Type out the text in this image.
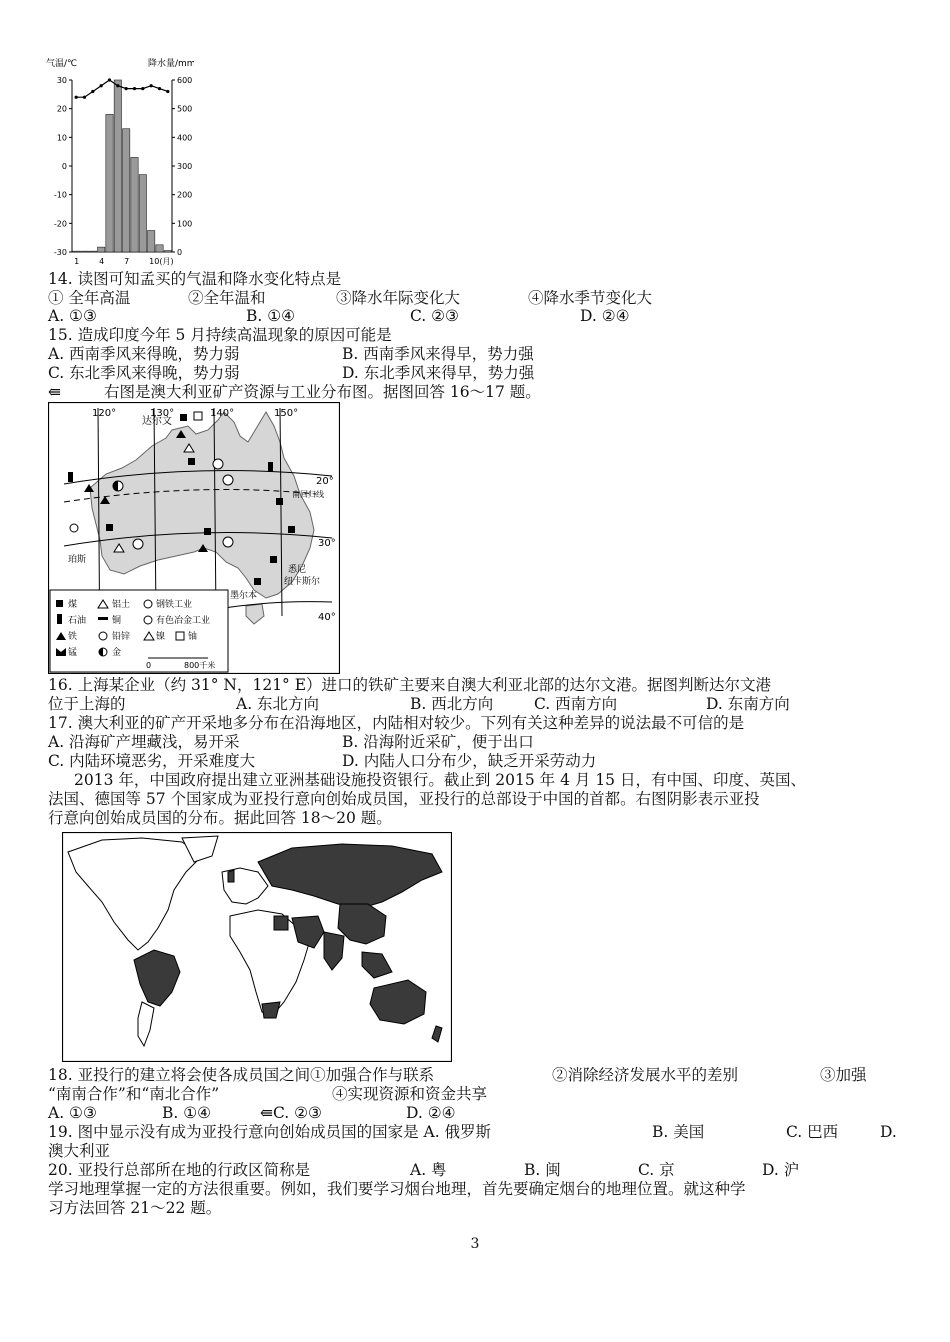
气温/℃	降水量/mm
30
20
10
0
-10
-20
-30
600
500
400
300
200
100
0
1 4 7 10(月)
14. 读图可知孟买的气温和降水变化特点是
① 全年高温	②全年温和	③降水年际变化大	④降水季节变化大
A. ①③	B. ①④	C. ②③	D. ②④
15. 造成印度今年 5 月持续高温现象的原因可能是
A. 西南季风来得晚，势力弱	B. 西南季风来得早，势力强
C. 东北季风来得晚，势力弱	D. 东北季风来得早，势力强
⇚	右图是澳大利亚矿产资源与工业分布图。据图回答 16～17 题。
120°	130°	140°	150°
20°
30°
40°
南回归线
达尔文
珀斯
悉尼
纽卡斯尔
墨尔本
煤	铝土	钢铁工业
石油	铜	有色冶金工业
铁	铅锌	镍	铀
锰	金
0	800千米
16. 上海某企业（约 31° N，121° E）进口的铁矿主要来自澳大利亚北部的达尔文港。据图判断达尔文港
位于上海的	A. 东北方向	B. 西北方向	C. 西南方向	D. 东南方向
17. 澳大利亚的矿产开采地多分布在沿海地区，内陆相对较少。下列有关这种差异的说法最不可信的是
A. 沿海矿产埋藏浅，易开采	B. 沿海附近采矿，便于出口
C. 内陆环境恶劣，开采难度大	D. 内陆人口分布少，缺乏开采劳动力
2013 年，中国政府提出建立亚洲基础设施投资银行。截止到 2015 年 4 月 15 日，有中国、印度、英国、
法国、德国等 57 个国家成为亚投行意向创始成员国，亚投行的总部设于中国的首都。右图阴影表示亚投
行意向创始成员国的分布。据此回答 18～20 题。
18. 亚投行的建立将会使各成员国之间①加强合作与联系	②消除经济发展水平的差别	③加强
“南南合作”和“南北合作”	④实现资源和资金共享
A. ①③	B. ①④	⇚C. ②③	D. ②④
19. 图中显示没有成为亚投行意向创始成员国的国家是 A. 俄罗斯	B. 美国	C. 巴西	D.
澳大利亚
20. 亚投行总部所在地的行政区简称是	A. 粤	B. 闽	C. 京	D. 沪
学习地理掌握一定的方法很重要。例如，我们要学习烟台地理，首先要确定烟台的地理位置。就这种学
习方法回答 21～22 题。
3
